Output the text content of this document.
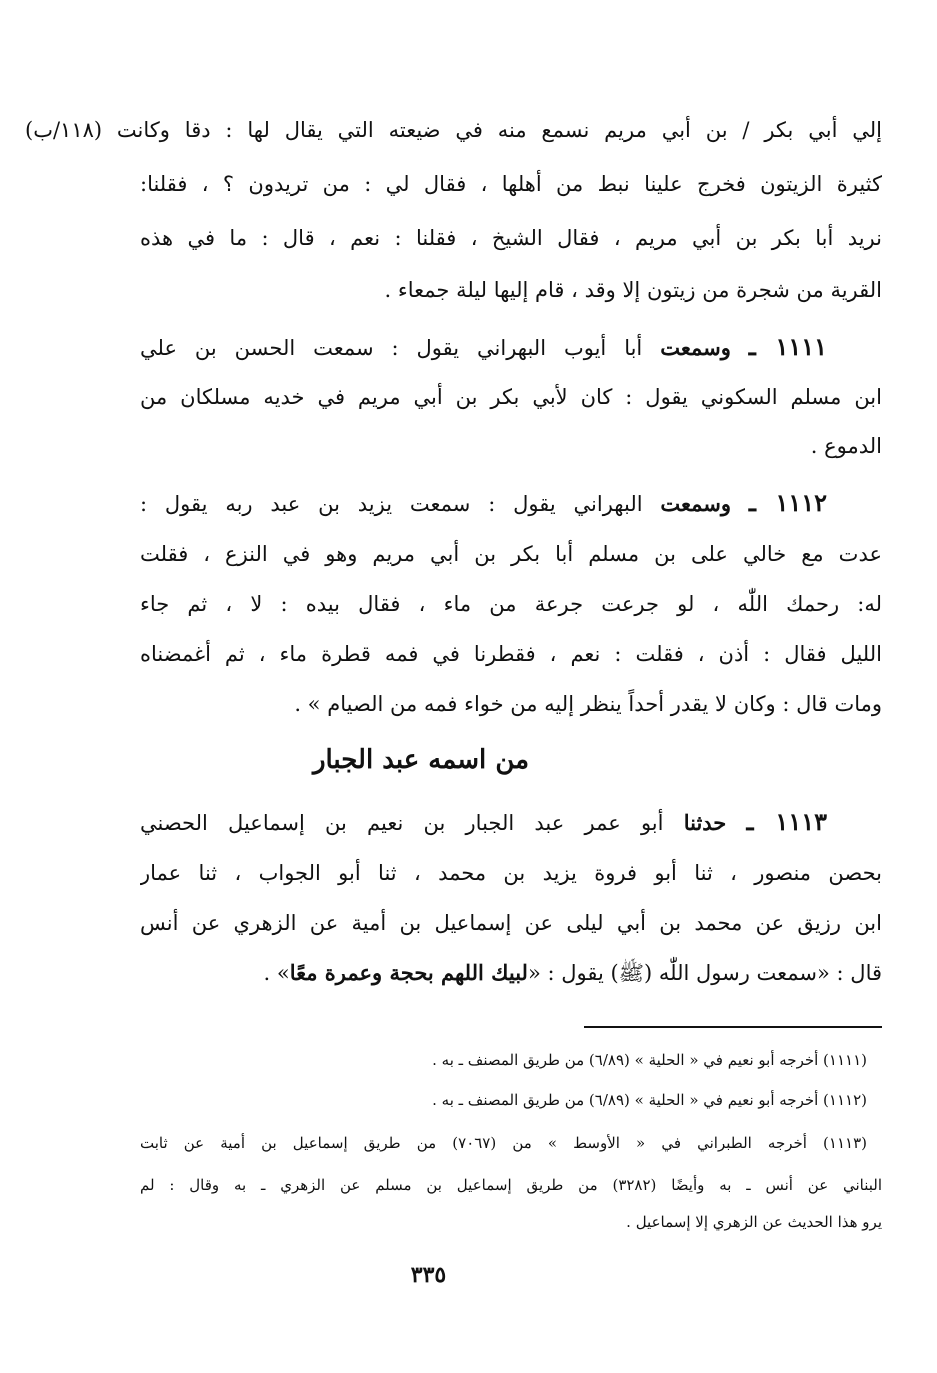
إلي أبي بكر / بن أبي مريم نسمع منه في ضيعته التي يقال لها : دقا وكانت (١١٨/ب)
كثيرة الزيتون فخرج علينا نبط من أهلها ، فقال لي : من تريدون ؟ ، فقلنا:
نريد أبا بكر بن أبي مريم ، فقال الشيخ ، فقلنا : نعم ، قال : ما في هذه
القرية من شجرة من زيتون إلا وقد ، قام إليها ليلة جمعاء .
١١١١ ـ وسمعت أبا أيوب البهراني يقول : سمعت الحسن بن علي
ابن مسلم السكوني يقول : كان لأبي بكر بن أبي مريم في خديه مسلكان من
الدموع .
١١١٢ ـ وسمعت البهراني يقول : سمعت يزيد بن عبد ربه يقول :
عدت مع خالي على بن مسلم أبا بكر بن أبي مريم وهو في النزع ، فقلت
له: رحمك اللّٰه ، لو جرعت جرعة من ماء ، فقال بيده : لا ، ثم جاء
الليل فقال : أذن ، فقلت : نعم ، فقطرنا في فمه قطرة ماء ، ثم أغمضناه
ومات قال : وكان لا يقدر أحداً ينظر إليه من خواء فمه من الصيام » .
من اسمه عبد الجبار
١١١٣ ـ حدثنا أبو عمر عبد الجبار بن نعيم بن إسماعيل الحصني
بحصن منصور ، ثنا أبو فروة يزيد بن محمد ، ثنا أبو الجواب ، ثنا عمار
ابن رزيق عن محمد بن أبي ليلى عن إسماعيل بن أمية عن الزهري عن أنس
قال : «سمعت رسول اللّٰه (ﷺ) يقول : «لبيك اللهم بحجة وعمرة معًا» .
(١١١١) أخرجه أبو نعيم في « الحلية » (٦/٨٩) من طريق المصنف ـ به .
(١١١٢) أخرجه أبو نعيم في « الحلية » (٦/٨٩) من طريق المصنف ـ به .
(١١١٣) أخرجه الطبراني في « الأوسط » من (٧٠٦٧) من طريق إسماعيل بن أمية عن ثابت
البناني عن أنس ـ به وأيضًا (٣٢٨٢) من طريق إسماعيل بن مسلم عن الزهري ـ به وقال : لم
يرو هذا الحديث عن الزهري إلا إسماعيل .
٣٣٥
